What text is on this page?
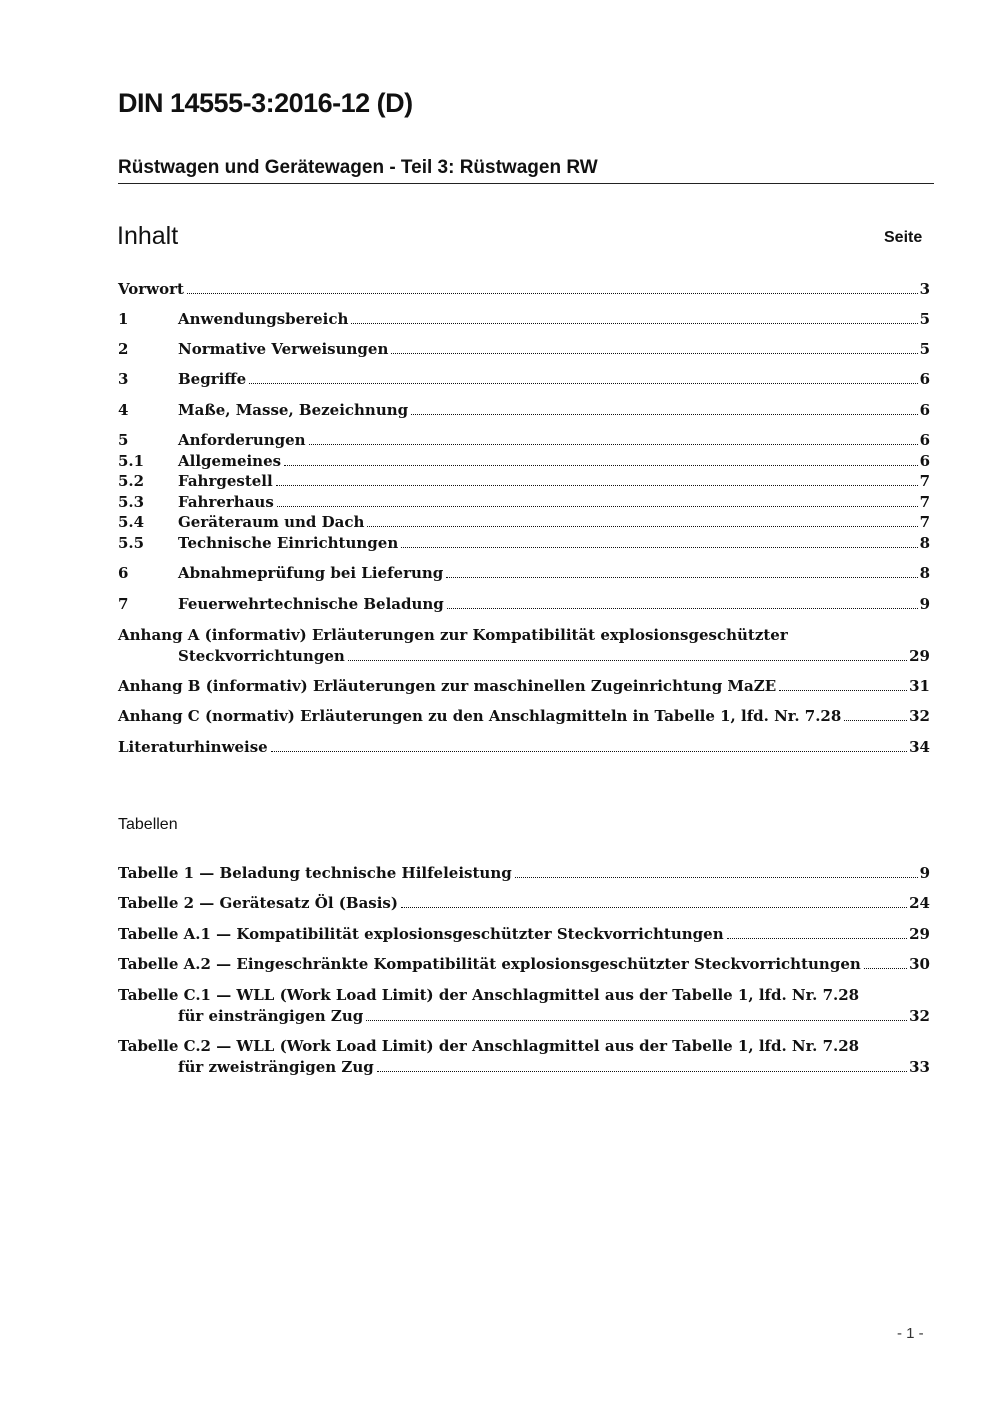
DIN 14555-3:2016-12 (D)
Rüstwagen und Gerätewagen - Teil 3: Rüstwagen RW
Inhalt	Seite
Vorwort	3
1	Anwendungsbereich	5
2	Normative Verweisungen	5
3	Begriffe	6
4	Maße, Masse, Bezeichnung	6
5	Anforderungen	6
5.1 Allgemeines	6
5.2 Fahrgestell	7
5.3 Fahrerhaus	7
5.4 Geräteraum und Dach	7
5.5 Technische Einrichtungen	8
6	Abnahmeprüfung bei Lieferung	8
7	Feuerwehrtechnische Beladung	9
Anhang A (informativ) Erläuterungen zur Kompatibilität explosionsgeschützter
Steckvorrichtungen	29
Anhang B (informativ) Erläuterungen zur maschinellen Zugeinrichtung MaZE	31
Anhang C (normativ) Erläuterungen zu den Anschlagmitteln in Tabelle 1, lfd. Nr. 7.28	32
Literaturhinweise	34
Tabellen
Tabelle 1 — Beladung technische Hilfeleistung	9
Tabelle 2 — Gerätesatz Öl (Basis)	24
Tabelle A.1 — Kompatibilität explosionsgeschützter Steckvorrichtungen	29
Tabelle A.2 — Eingeschränkte Kompatibilität explosionsgeschützter Steckvorrichtungen	30
Tabelle C.1 — WLL (Work Load Limit) der Anschlagmittel aus der Tabelle 1, lfd. Nr. 7.28
für einsträngigen Zug	32
Tabelle C.2 — WLL (Work Load Limit) der Anschlagmittel aus der Tabelle 1, lfd. Nr. 7.28
für zweisträngigen Zug	33
- 1 -
